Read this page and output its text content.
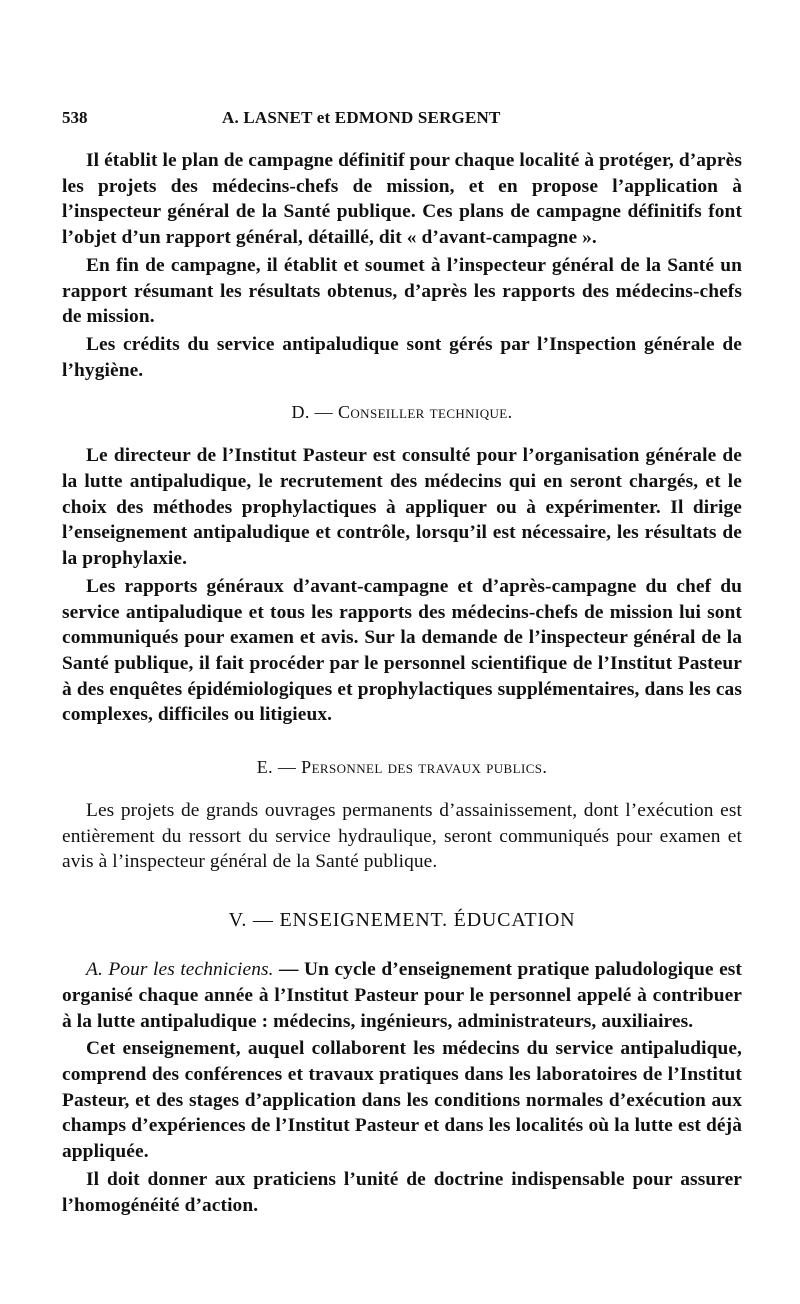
538	A. LASNET et EDMOND SERGENT

Il établit le plan de campagne définitif pour chaque localité à protéger, d’après les projets des médecins-chefs de mission, et en propose l’application à l’inspecteur général de la Santé publique. Ces plans de campagne définitifs font l’objet d’un rapport général, détaillé, dit « d’avant-campagne ».

En fin de campagne, il établit et soumet à l’inspecteur général de la Santé un rapport résumant les résultats obtenus, d’après les rapports des médecins-chefs de mission.

Les crédits du service antipaludique sont gérés par l’Inspection générale de l’hygiène.

D. — Conseiller technique.

Le directeur de l’Institut Pasteur est consulté pour l’organisation générale de la lutte antipaludique, le recrutement des médecins qui en seront chargés, et le choix des méthodes prophylactiques à appliquer ou à expérimenter. Il dirige l’enseignement antipaludique et contrôle, lorsqu’il est nécessaire, les résultats de la prophylaxie.

Les rapports généraux d’avant-campagne et d’après-campagne du chef du service antipaludique et tous les rapports des médecins-chefs de mission lui sont communiqués pour examen et avis. Sur la demande de l’inspecteur général de la Santé publique, il fait procéder par le personnel scientifique de l’Institut Pasteur à des enquêtes épidémiologiques et prophylactiques supplémentaires, dans les cas complexes, difficiles ou litigieux.

E. — Personnel des travaux publics.

Les projets de grands ouvrages permanents d’assainissement, dont l’exécution est entièrement du ressort du service hydraulique, seront communiqués pour examen et avis à l’inspecteur général de la Santé publique.

V. — ENSEIGNEMENT. ÉDUCATION

A. Pour les techniciens. — Un cycle d’enseignement pratique paludologique est organisé chaque année à l’Institut Pasteur pour le personnel appelé à contribuer à la lutte antipaludique : médecins, ingénieurs, administrateurs, auxiliaires.

Cet enseignement, auquel collaborent les médecins du service antipaludique, comprend des conférences et travaux pratiques dans les laboratoires de l’Institut Pasteur, et des stages d’application dans les conditions normales d’exécution aux champs d’expériences de l’Institut Pasteur et dans les localités où la lutte est déjà appliquée.

Il doit donner aux praticiens l’unité de doctrine indispensable pour assurer l’homogénéité d’action.
